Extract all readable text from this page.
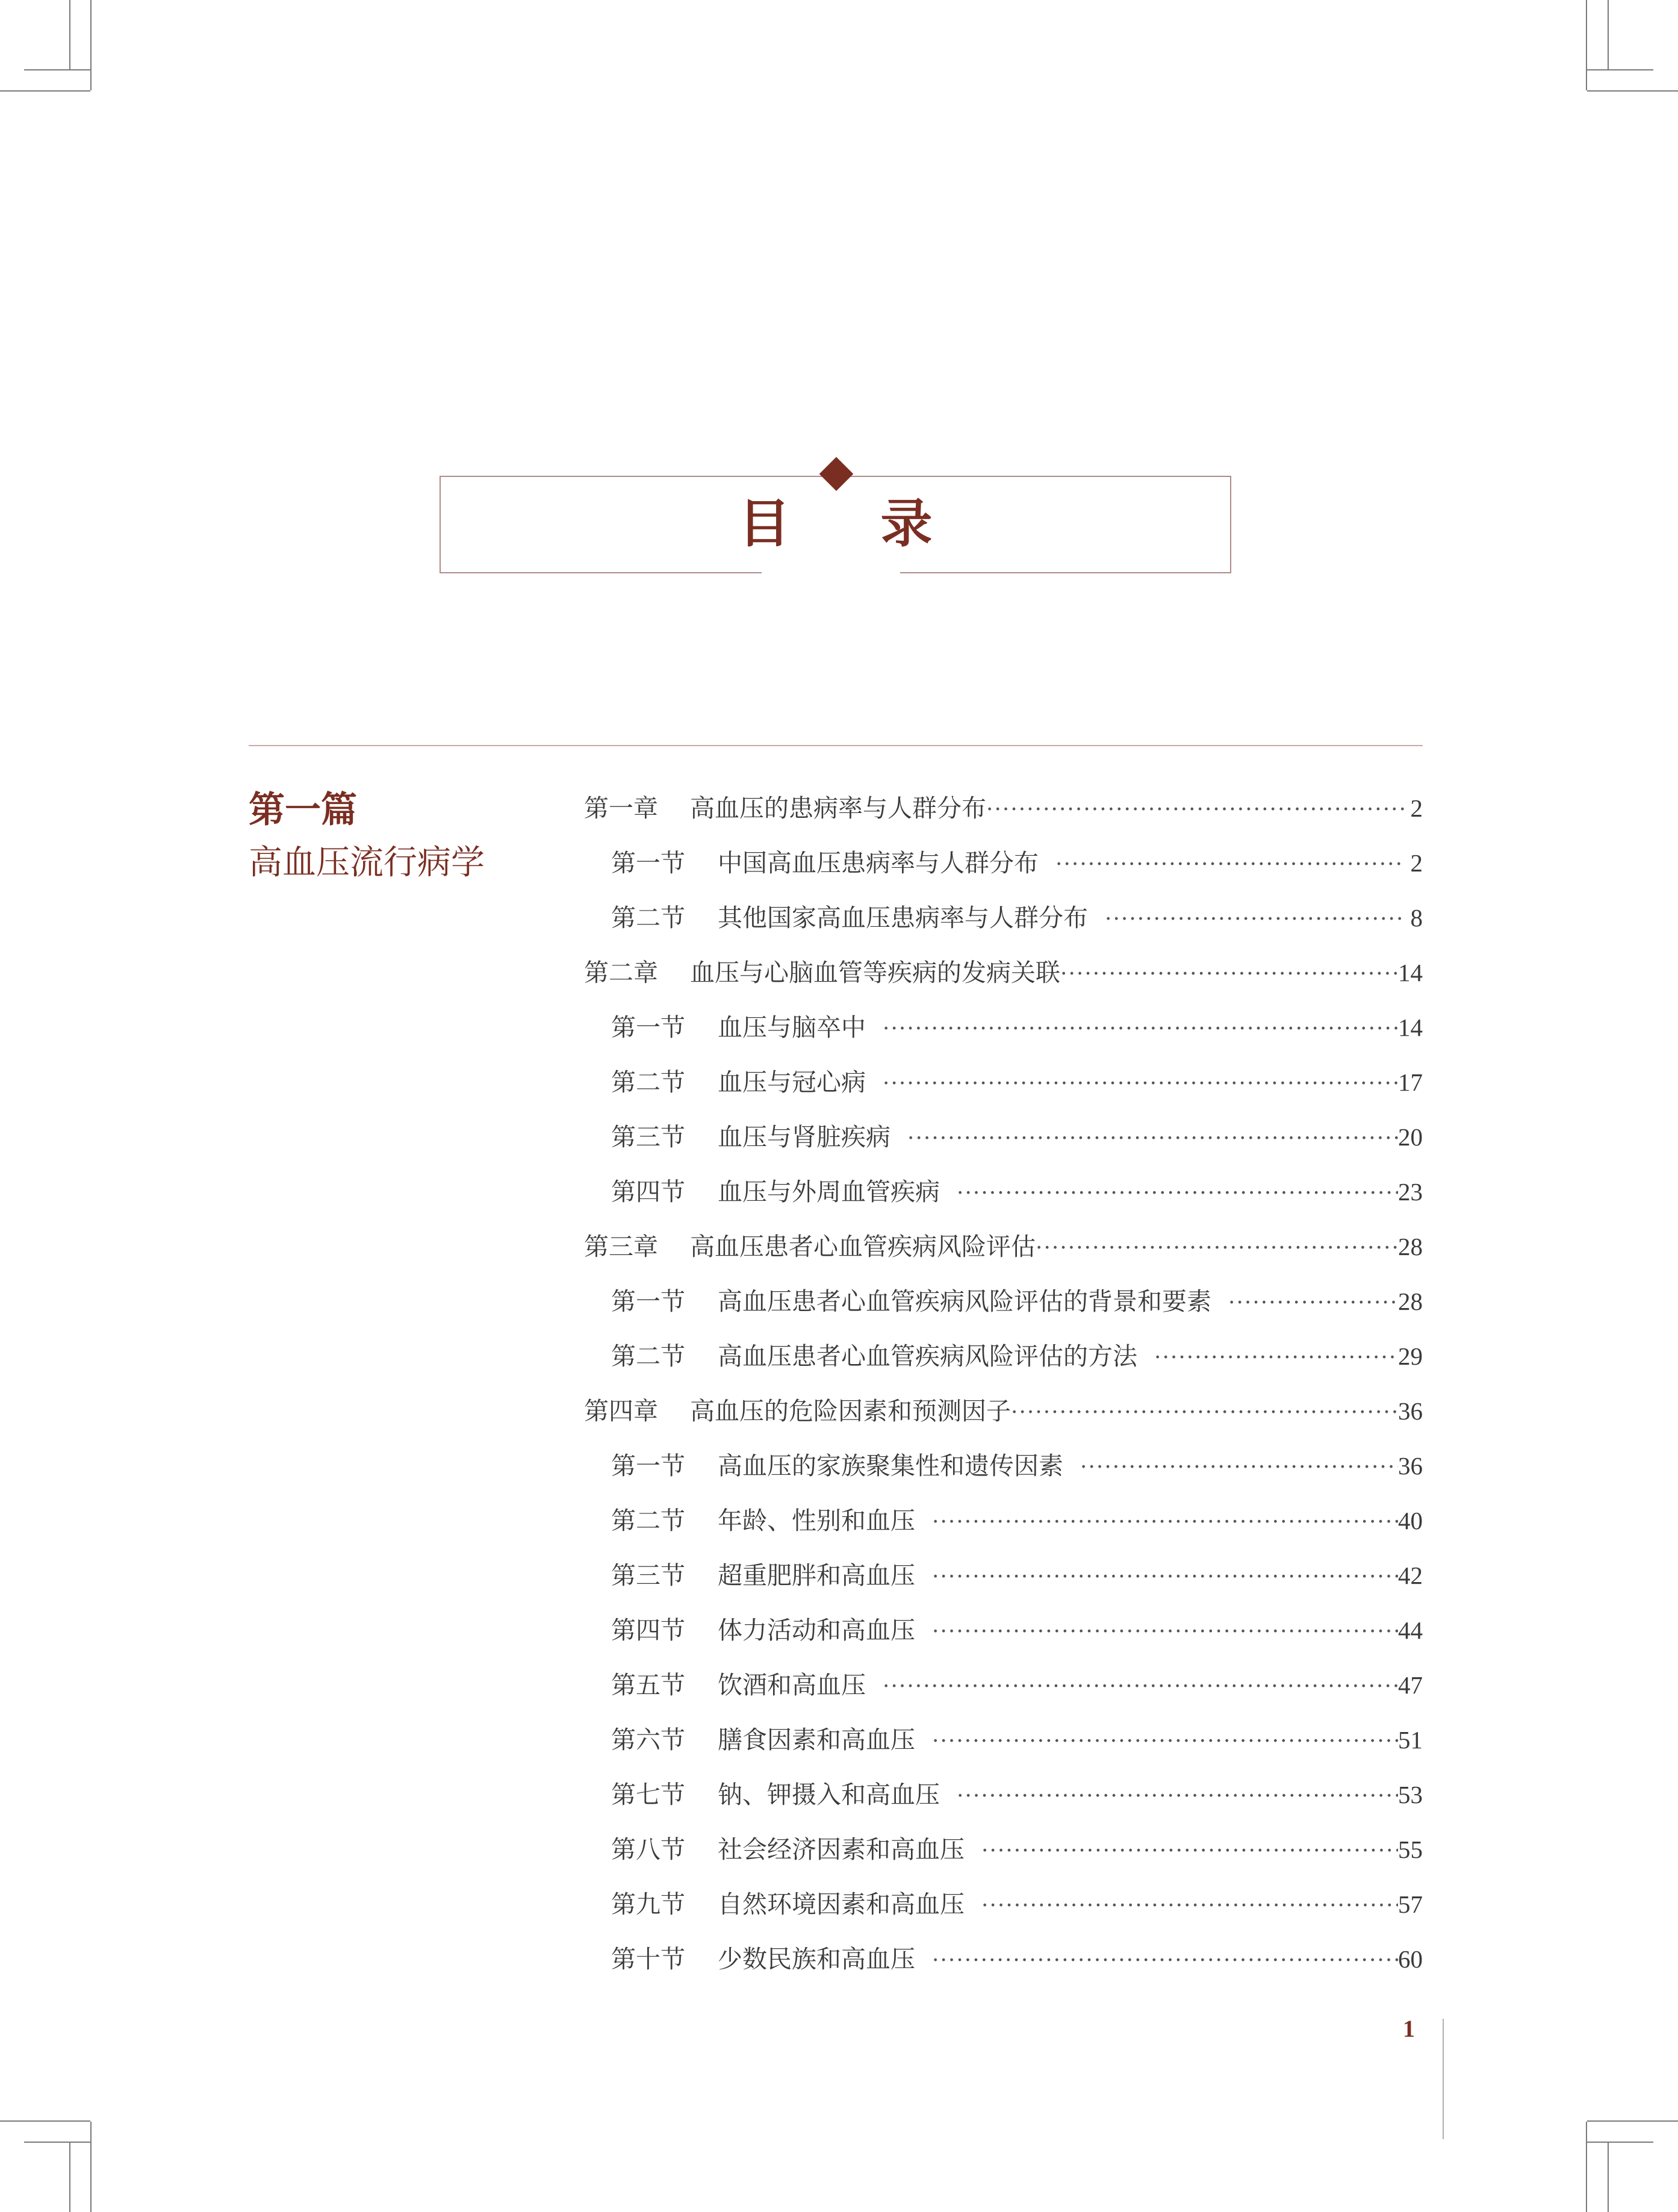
目 录
第一篇
高血压流行病学
第一章	高血压的患病率与人群分布 ·····	2
第一节	中国高血压患病率与人群分布 ·····	2
第二节	其他国家高血压患病率与人群分布 ·····	8
第二章	血压与心脑血管等疾病的发病关联 ·····	14
第一节	血压与脑卒中 ·····	14
第二节	血压与冠心病 ·····	17
第三节	血压与肾脏疾病 ·····	20
第四节	血压与外周血管疾病 ·····	23
第三章	高血压患者心血管疾病风险评估 ·····	28
第一节	高血压患者心血管疾病风险评估的背景和要素 ·····	28
第二节	高血压患者心血管疾病风险评估的方法 ·····	29
第四章	高血压的危险因素和预测因子 ·····	36
第一节	高血压的家族聚集性和遗传因素 ·····	36
第二节	年龄、性别和血压 ·····	40
第三节	超重肥胖和高血压 ·····	42
第四节	体力活动和高血压 ·····	44
第五节	饮酒和高血压 ·····	47
第六节	膳食因素和高血压 ·····	51
第七节	钠、钾摄入和高血压 ·····	53
第八节	社会经济因素和高血压 ·····	55
第九节	自然环境因素和高血压 ·····	57
第十节	少数民族和高血压 ·····	60
1
